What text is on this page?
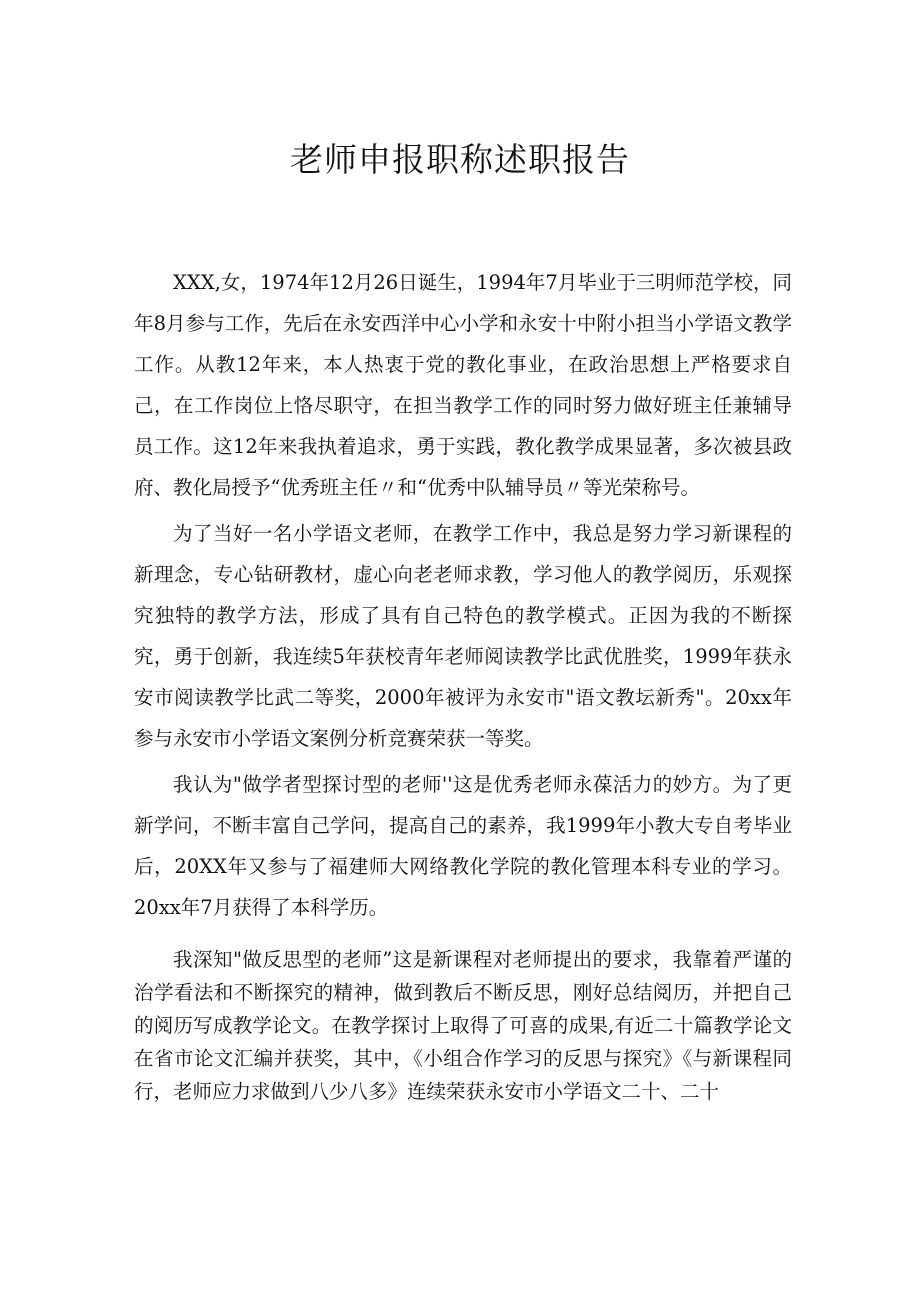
老师申报职称述职报告

XXX,女，1974年12月26日诞生，1994年7月毕业于三明师范学校，同年8月参与工作，先后在永安西洋中心小学和永安十中附小担当小学语文教学工作。从教12年来，本人热衷于党的教化事业，在政治思想上严格要求自己，在工作岗位上恪尽职守，在担当教学工作的同时努力做好班主任兼辅导员工作。这12年来我执着追求，勇于实践，教化教学成果显著，多次被县政府、教化局授予“优秀班主任〃和“优秀中队辅导员〃等光荣称号。

为了当好一名小学语文老师，在教学工作中，我总是努力学习新课程的新理念，专心钻研教材，虚心向老老师求教，学习他人的教学阅历，乐观探究独特的教学方法，形成了具有自己特色的教学模式。正因为我的不断探究，勇于创新，我连续5年获校青年老师阅读教学比武优胜奖，1999年获永安市阅读教学比武二等奖，2000年被评为永安市"语文教坛新秀"。20xx年参与永安市小学语文案例分析竞赛荣获一等奖。

我认为"做学者型探讨型的老师''这是优秀老师永葆活力的妙方。为了更新学问，不断丰富自己学问，提高自己的素养，我1999年小教大专自考毕业后，20XX年又参与了福建师大网络教化学院的教化管理本科专业的学习。20xx年7月获得了本科学历。

我深知"做反思型的老师”这是新课程对老师提出的要求，我靠着严谨的治学看法和不断探究的精神，做到教后不断反思，刚好总结阅历，并把自己的阅历写成教学论文。在教学探讨上取得了可喜的成果,有近二十篇教学论文在省市论文汇编并获奖，其中，《小组合作学习的反思与探究》《与新课程同行，老师应力求做到八少八多》连续荣获永安市小学语文二十、二十
